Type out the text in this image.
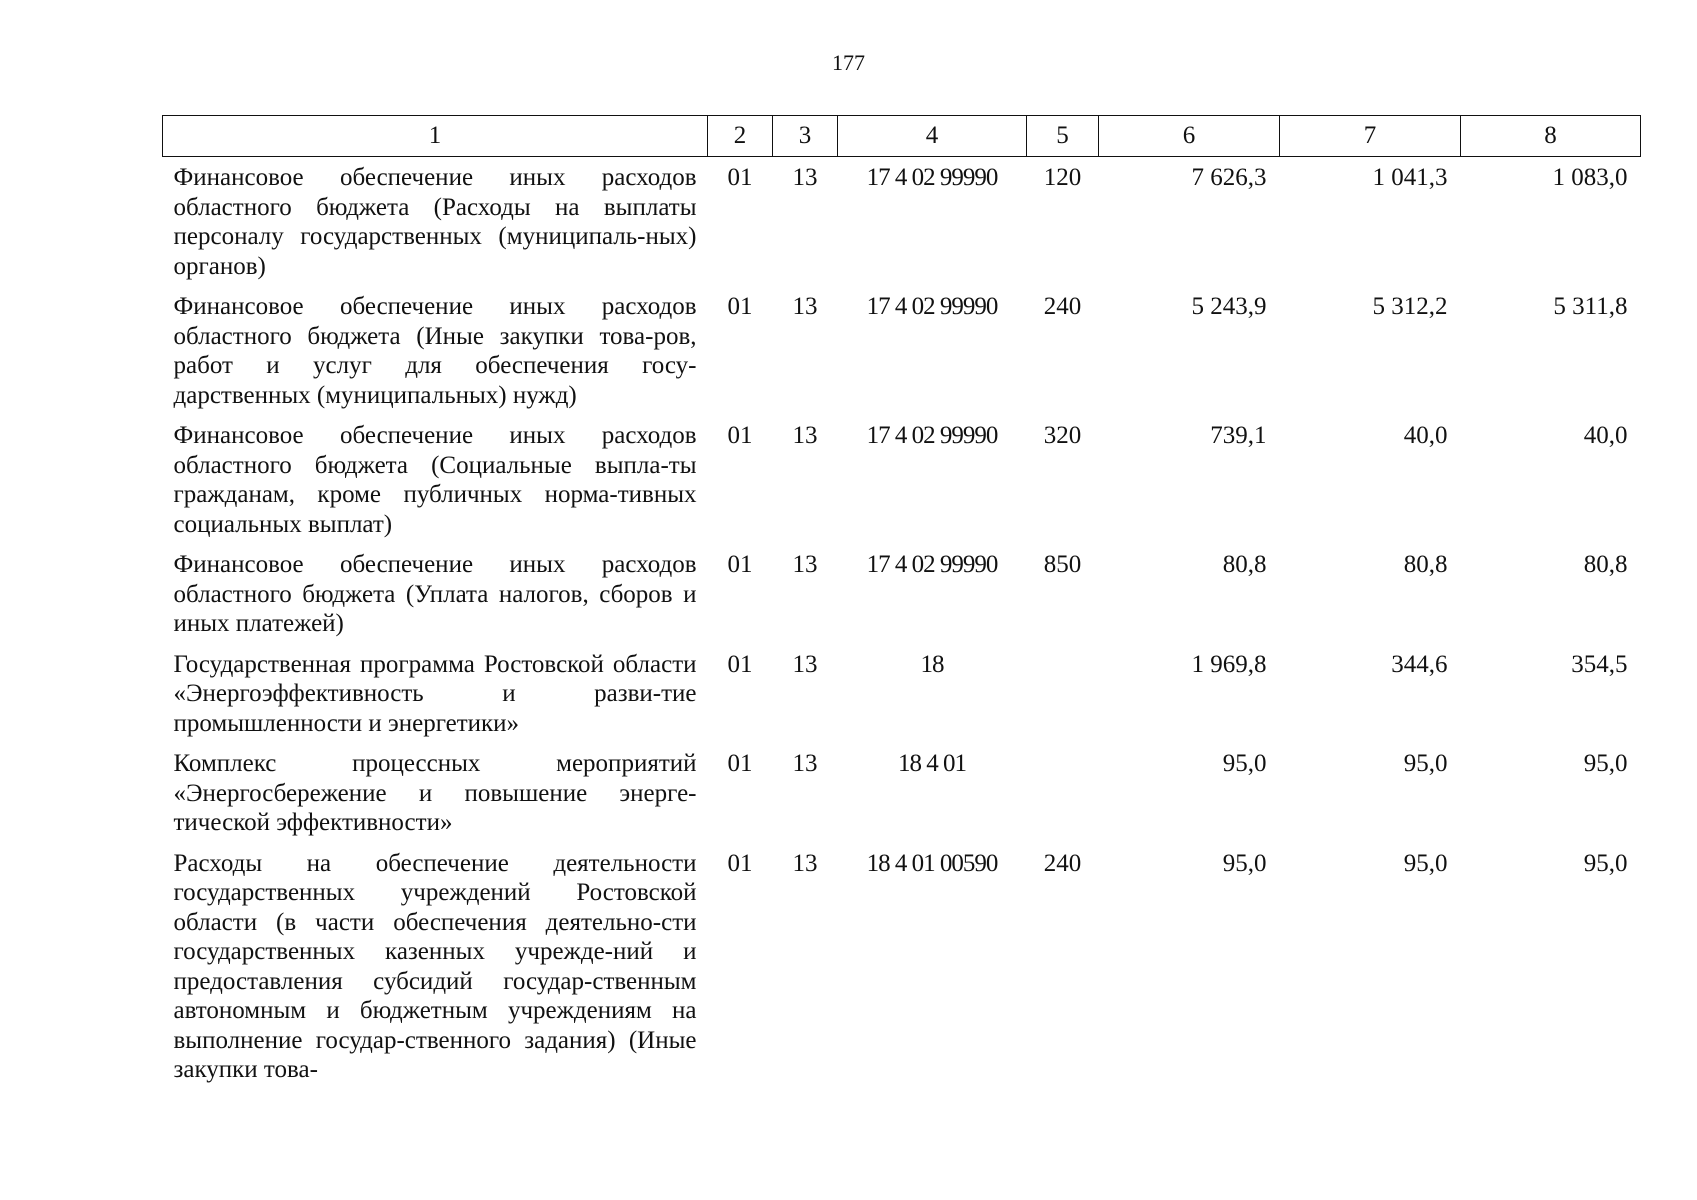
177
1	2	3	4	5	6	7	8
Финансовое обеспечение иных расходов областного бюджета (Расходы на выплаты персоналу государственных (муниципаль-ных) органов)	01	13	17 4 02 99990	120	7 626,3	1 041,3	1 083,0
Финансовое обеспечение иных расходов областного бюджета (Иные закупки това-ров, работ и услуг для обеспечения госу-дарственных (муниципальных) нужд)	01	13	17 4 02 99990	240	5 243,9	5 312,2	5 311,8
Финансовое обеспечение иных расходов областного бюджета (Социальные выпла-ты гражданам, кроме публичных норма-тивных социальных выплат)	01	13	17 4 02 99990	320	739,1	40,0	40,0
Финансовое обеспечение иных расходов областного бюджета (Уплата налогов, сборов и иных платежей)	01	13	17 4 02 99990	850	80,8	80,8	80,8
Государственная программа Ростовской области «Энергоэффективность и разви-тие промышленности и энергетики»	01	13	18		1 969,8	344,6	354,5
Комплекс процессных мероприятий «Энергосбережение и повышение энерге-тической эффективности»	01	13	18 4 01		95,0	95,0	95,0
Расходы на обеспечение деятельности государственных учреждений Ростовской области (в части обеспечения деятельно-сти государственных казенных учрежде-ний и предоставления субсидий государ-ственным автономным и бюджетным учреждениям на выполнение государ-ственного задания) (Иные закупки това-	01	13	18 4 01 00590	240	95,0	95,0	95,0
